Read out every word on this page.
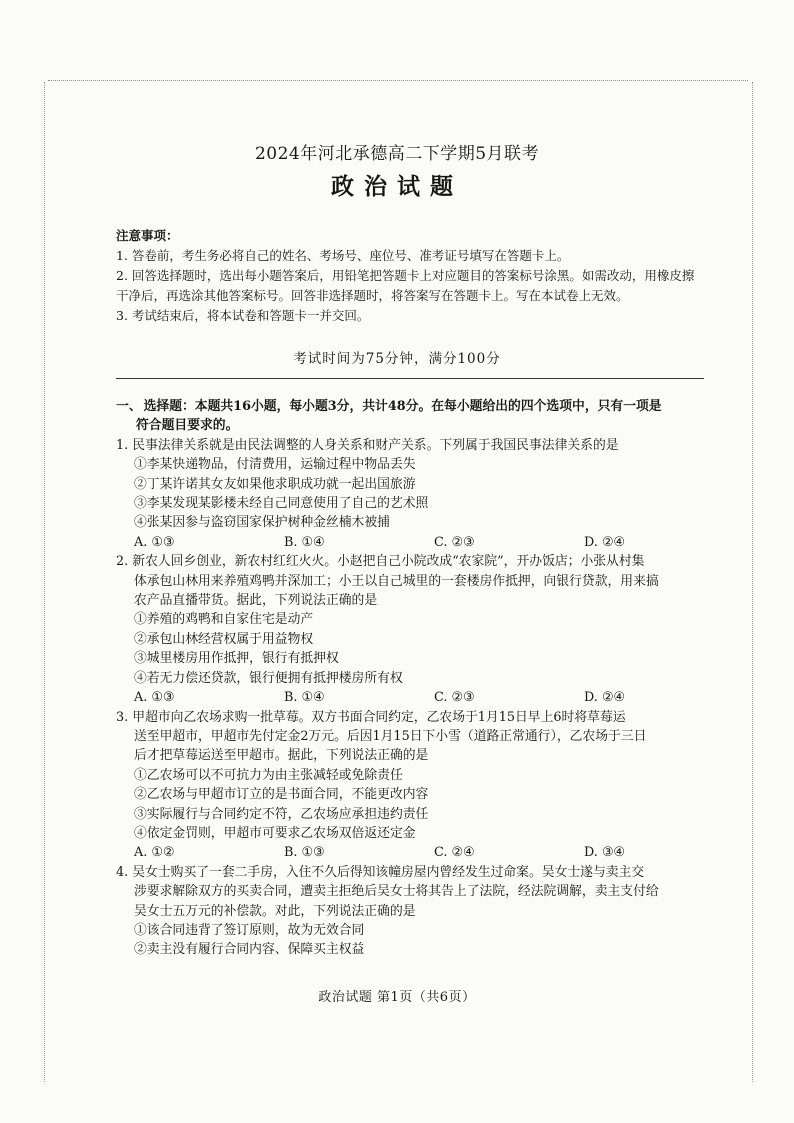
2024年河北承德高二下学期5月联考
政治试题
注意事项：
1. 答卷前，考生务必将自己的姓名、考场号、座位号、准考证号填写在答题卡上。
2. 回答选择题时，选出每小题答案后，用铅笔把答题卡上对应题目的答案标号涂黑。如需改动，用橡皮擦干净后，再选涂其他答案标号。回答非选择题时，将答案写在答题卡上。写在本试卷上无效。
3. 考试结束后，将本试卷和答题卡一并交回。
考试时间为75分钟，满分100分
一、 选择题：本题共16小题，每小题3分，共计48分。在每小题给出的四个选项中，只有一项是
符合题目要求的。
1. 民事法律关系就是由民法调整的人身关系和财产关系。下列属于我国民事法律关系的是
①李某快递物品，付清费用，运输过程中物品丢失
②丁某许诺其女友如果他求职成功就一起出国旅游
③李某发现某影楼未经自己同意使用了自己的艺术照
④张某因参与盗窃国家保护树种金丝楠木被捕
A. ①③	B. ①④	C. ②③	D. ②④
2. 新农人回乡创业，新农村红红火火。小赵把自己小院改成“农家院”，开办饭店；小张从村集
体承包山林用来养殖鸡鸭并深加工；小王以自己城里的一套楼房作抵押，向银行贷款，用来搞
农产品直播带货。据此，下列说法正确的是
①养殖的鸡鸭和自家住宅是动产
②承包山林经营权属于用益物权
③城里楼房用作抵押，银行有抵押权
④若无力偿还贷款，银行便拥有抵押楼房所有权
A. ①③	B. ①④	C. ②③	D. ②④
3. 甲超市向乙农场求购一批草莓。双方书面合同约定，乙农场于1月15日早上6时将草莓运
送至甲超市，甲超市先付定金2万元。后因1月15日下小雪（道路正常通行），乙农场于三日
后才把草莓运送至甲超市。据此，下列说法正确的是
①乙农场可以不可抗力为由主张减轻或免除责任
②乙农场与甲超市订立的是书面合同，不能更改内容
③实际履行与合同约定不符，乙农场应承担违约责任
④依定金罚则，甲超市可要求乙农场双倍返还定金
A. ①②	B. ①③	C. ②④	D. ③④
4. 吴女士购买了一套二手房，入住不久后得知该幢房屋内曾经发生过命案。吴女士遂与卖主交
涉要求解除双方的买卖合同，遭卖主拒绝后吴女士将其告上了法院，经法院调解，卖主支付给
吴女士五万元的补偿款。对此，下列说法正确的是
①该合同违背了签订原则，故为无效合同
②卖主没有履行合同内容、保障买主权益
政治试题 第1页（共6页）
